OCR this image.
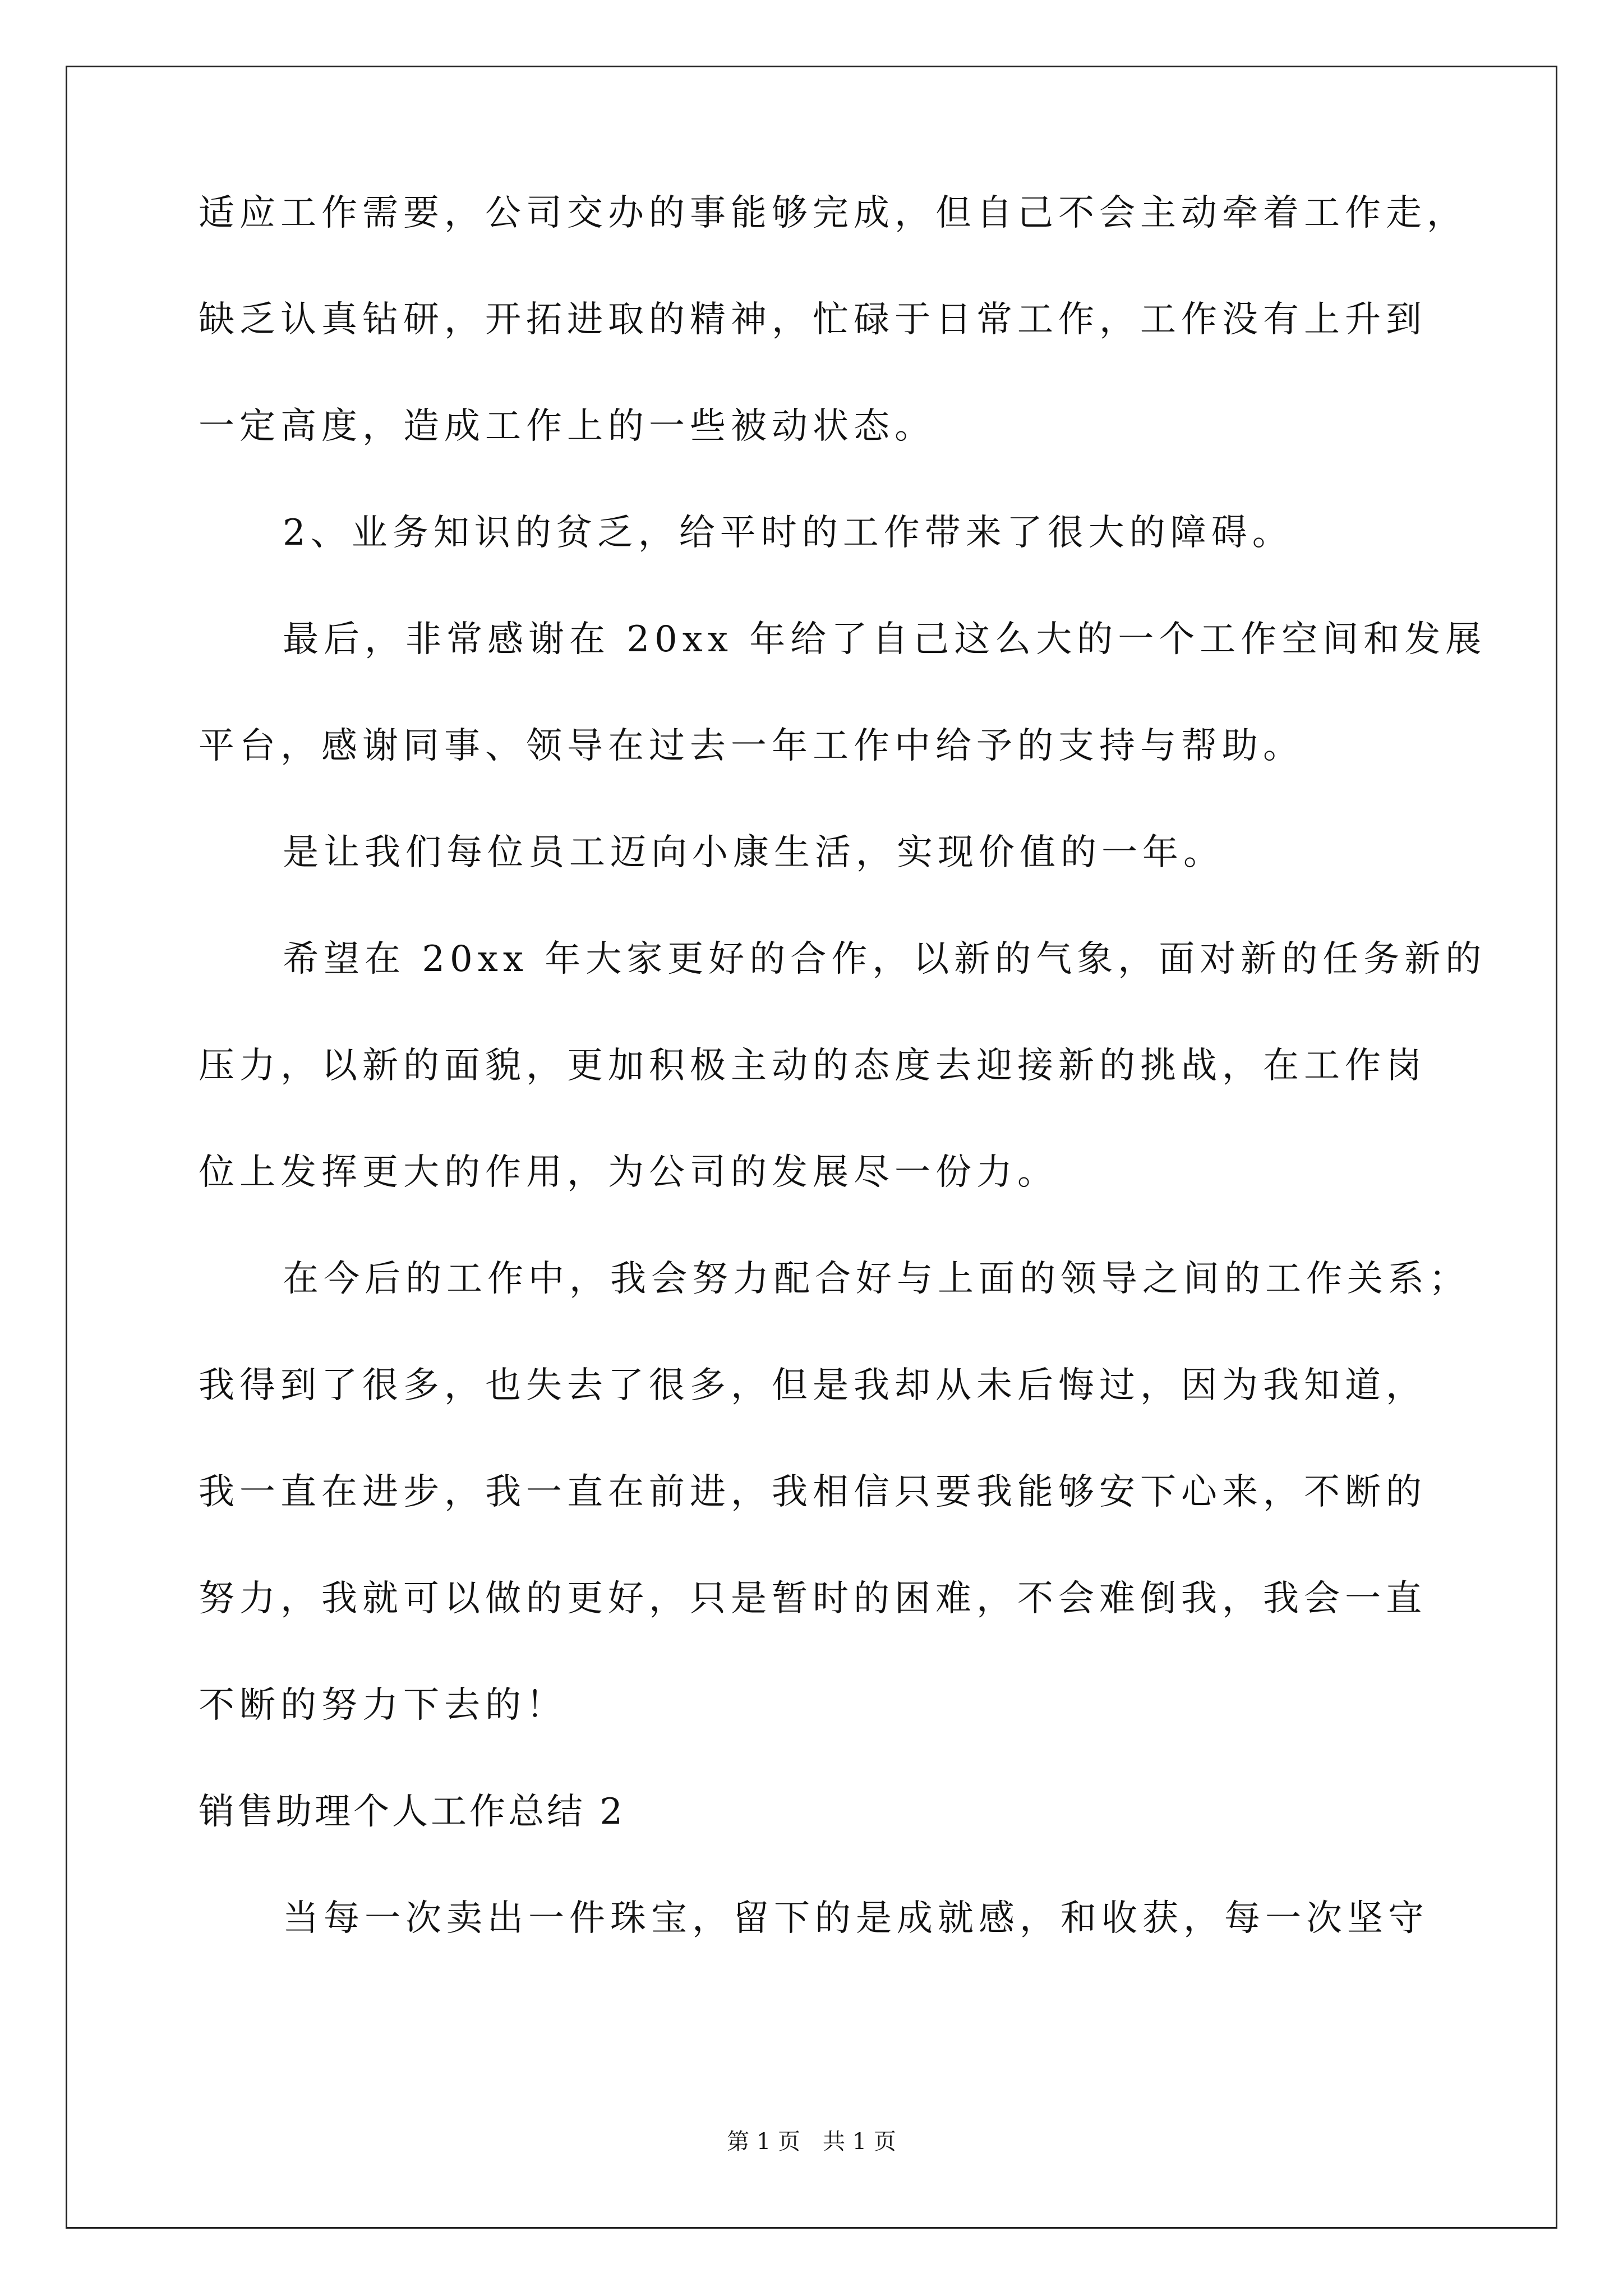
适应工作需要，公司交办的事能够完成，但自己不会主动牵着工作走，
缺乏认真钻研，开拓进取的精神，忙碌于日常工作，工作没有上升到
一定高度，造成工作上的一些被动状态。
2、业务知识的贫乏，给平时的工作带来了很大的障碍。
最后，非常感谢在 20xx 年给了自己这么大的一个工作空间和发展
平台，感谢同事、领导在过去一年工作中给予的支持与帮助。
是让我们每位员工迈向小康生活，实现价值的一年。
希望在 20xx 年大家更好的合作，以新的气象，面对新的任务新的
压力，以新的面貌，更加积极主动的态度去迎接新的挑战，在工作岗
位上发挥更大的作用，为公司的发展尽一份力。
在今后的工作中，我会努力配合好与上面的领导之间的工作关系；
我得到了很多，也失去了很多，但是我却从未后悔过，因为我知道，
我一直在进步，我一直在前进，我相信只要我能够安下心来，不断的
努力，我就可以做的更好，只是暂时的困难，不会难倒我，我会一直
不断的努力下去的！
销售助理个人工作总结 2
当每一次卖出一件珠宝，留下的是成就感，和收获，每一次坚守
第 1 页 共 1 页
